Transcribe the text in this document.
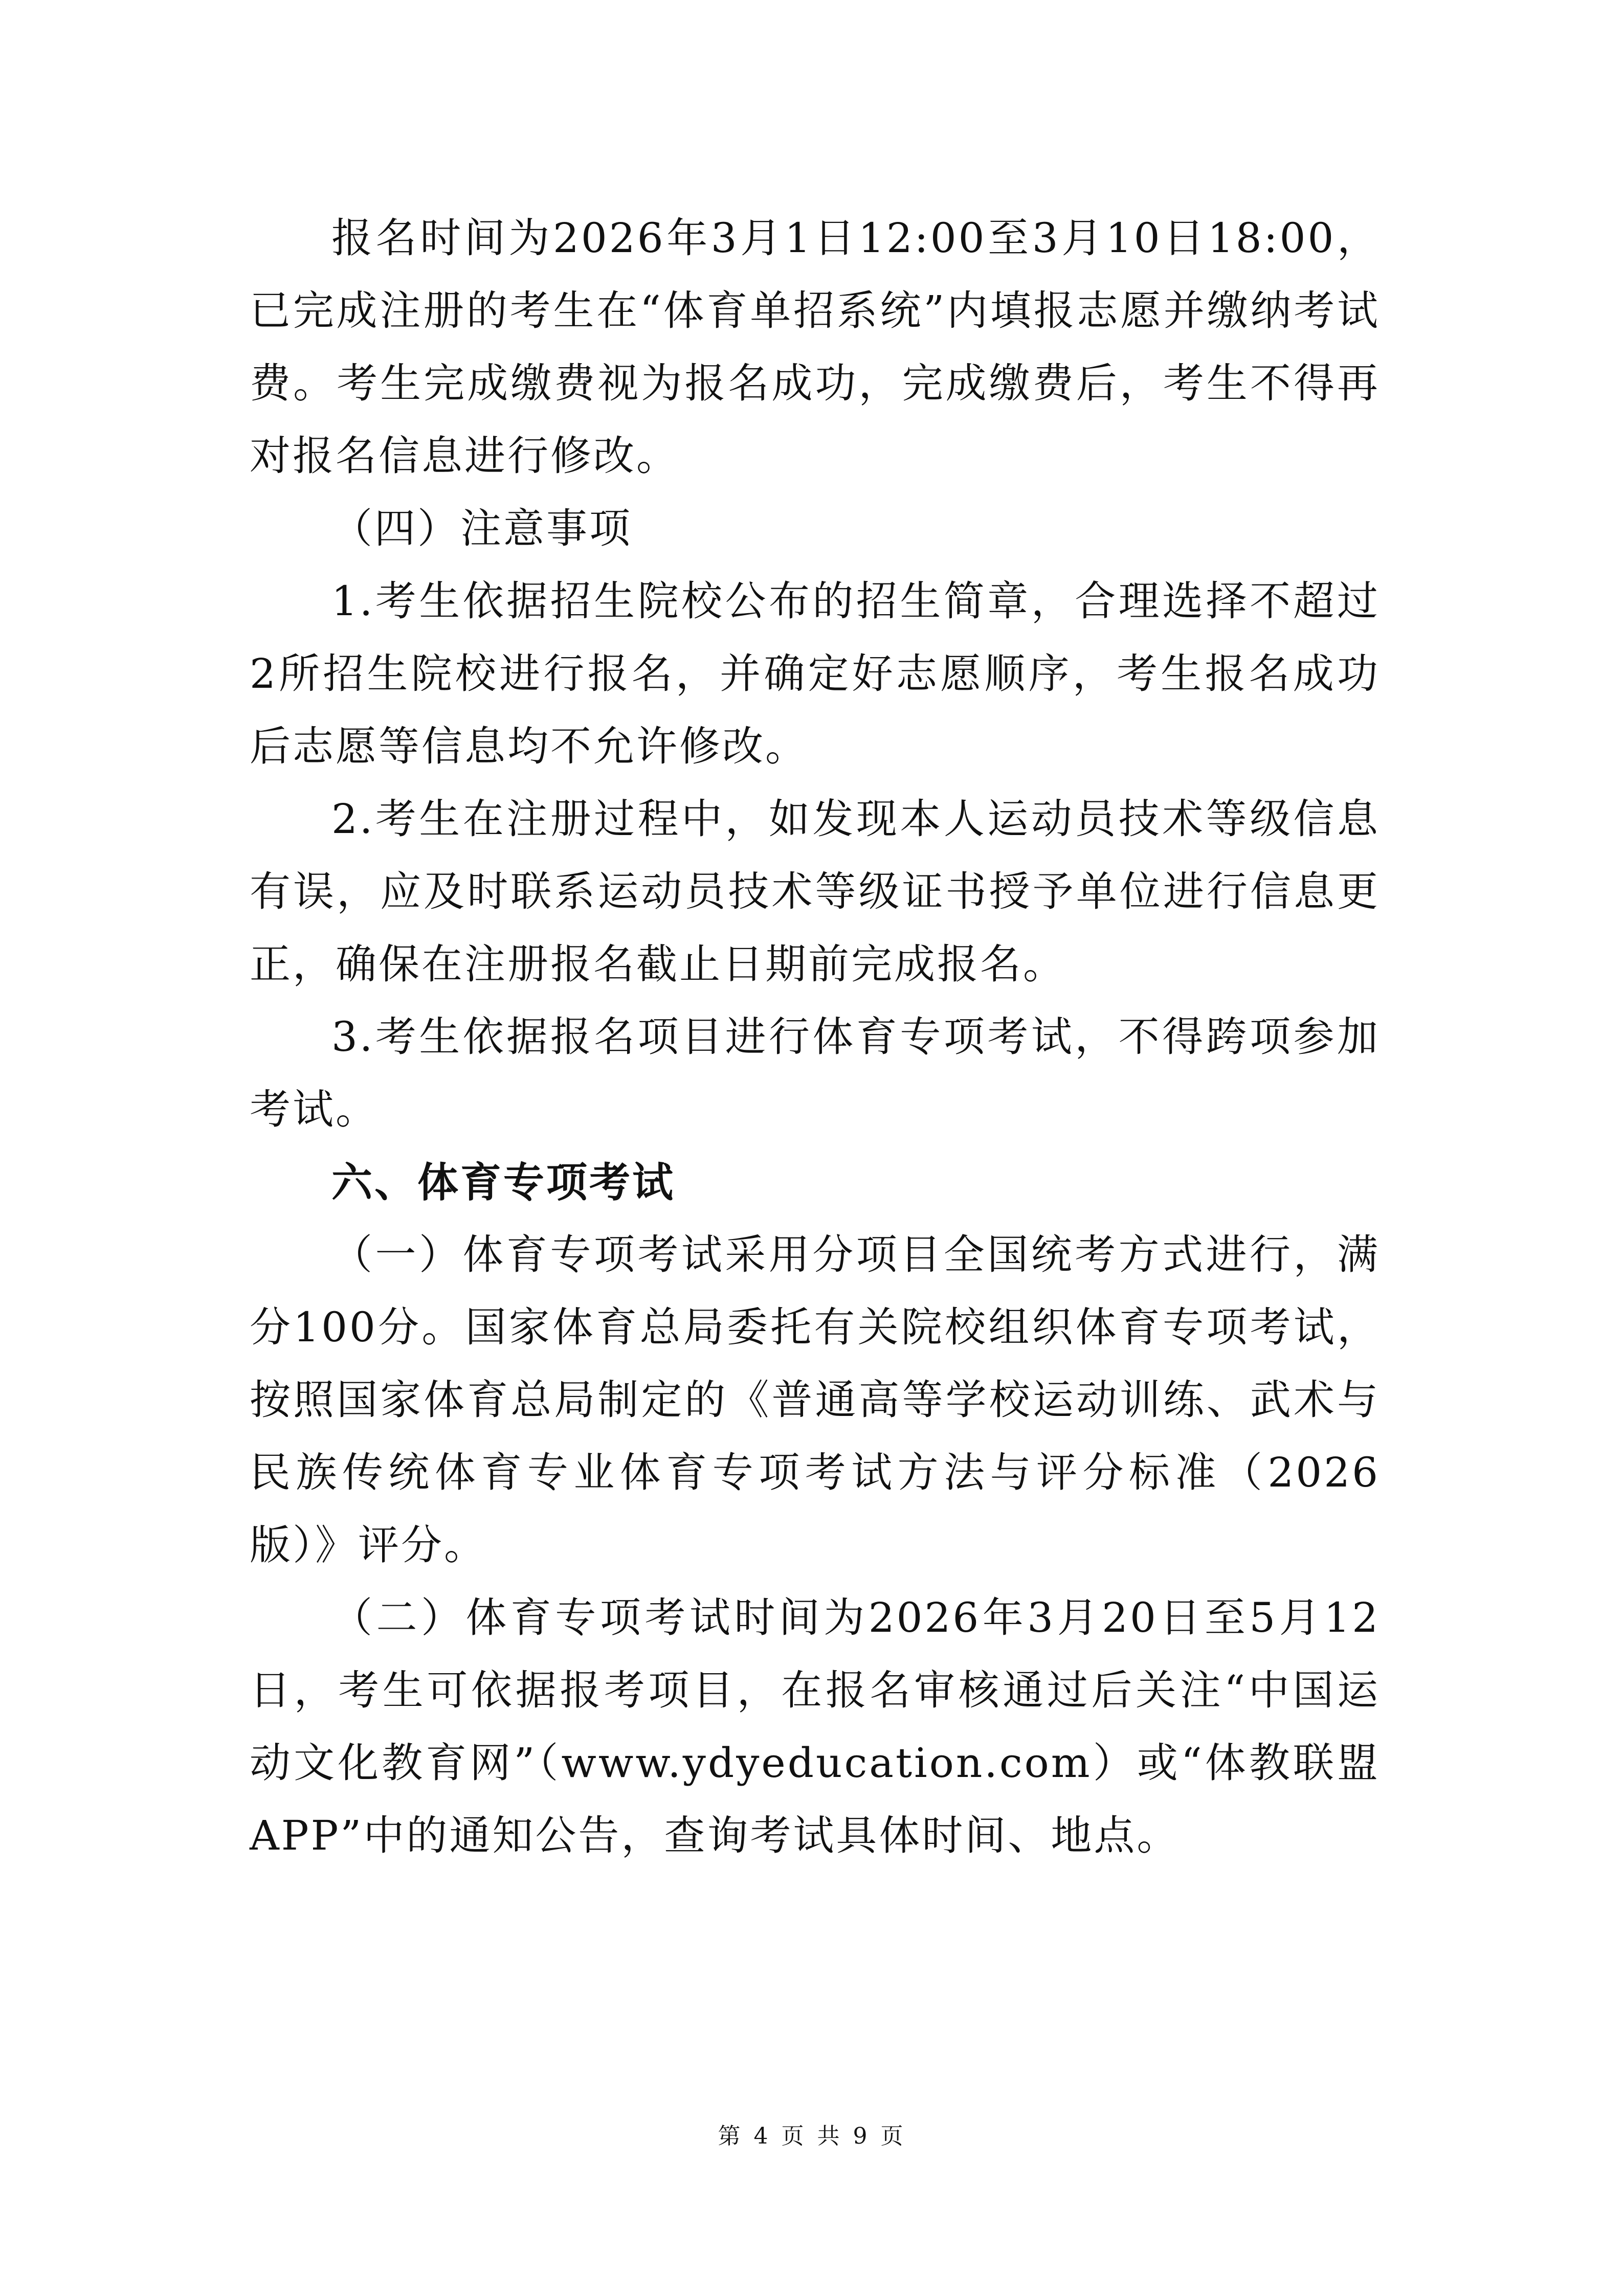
报名时间为2026年3月1日12:00至3月10日18:00，已完成注册的考生在“体育单招系统”内填报志愿并缴纳考试费。考生完成缴费视为报名成功，完成缴费后，考生不得再对报名信息进行修改。

（四）注意事项

1.考生依据招生院校公布的招生简章，合理选择不超过2所招生院校进行报名，并确定好志愿顺序，考生报名成功后志愿等信息均不允许修改。

2.考生在注册过程中，如发现本人运动员技术等级信息有误，应及时联系运动员技术等级证书授予单位进行信息更正，确保在注册报名截止日期前完成报名。

3.考生依据报名项目进行体育专项考试，不得跨项参加考试。

六、体育专项考试

（一）体育专项考试采用分项目全国统考方式进行，满分100分。国家体育总局委托有关院校组织体育专项考试，按照国家体育总局制定的《普通高等学校运动训练、武术与民族传统体育专业体育专项考试方法与评分标准（2026版）》评分。

（二）体育专项考试时间为2026年3月20日至5月12日，考生可依据报考项目，在报名审核通过后关注“中国运动文化教育网”（www.ydyeducation.com）或“体教联盟APP”中的通知公告，查询考试具体时间、地点。

第 4 页 共 9 页
